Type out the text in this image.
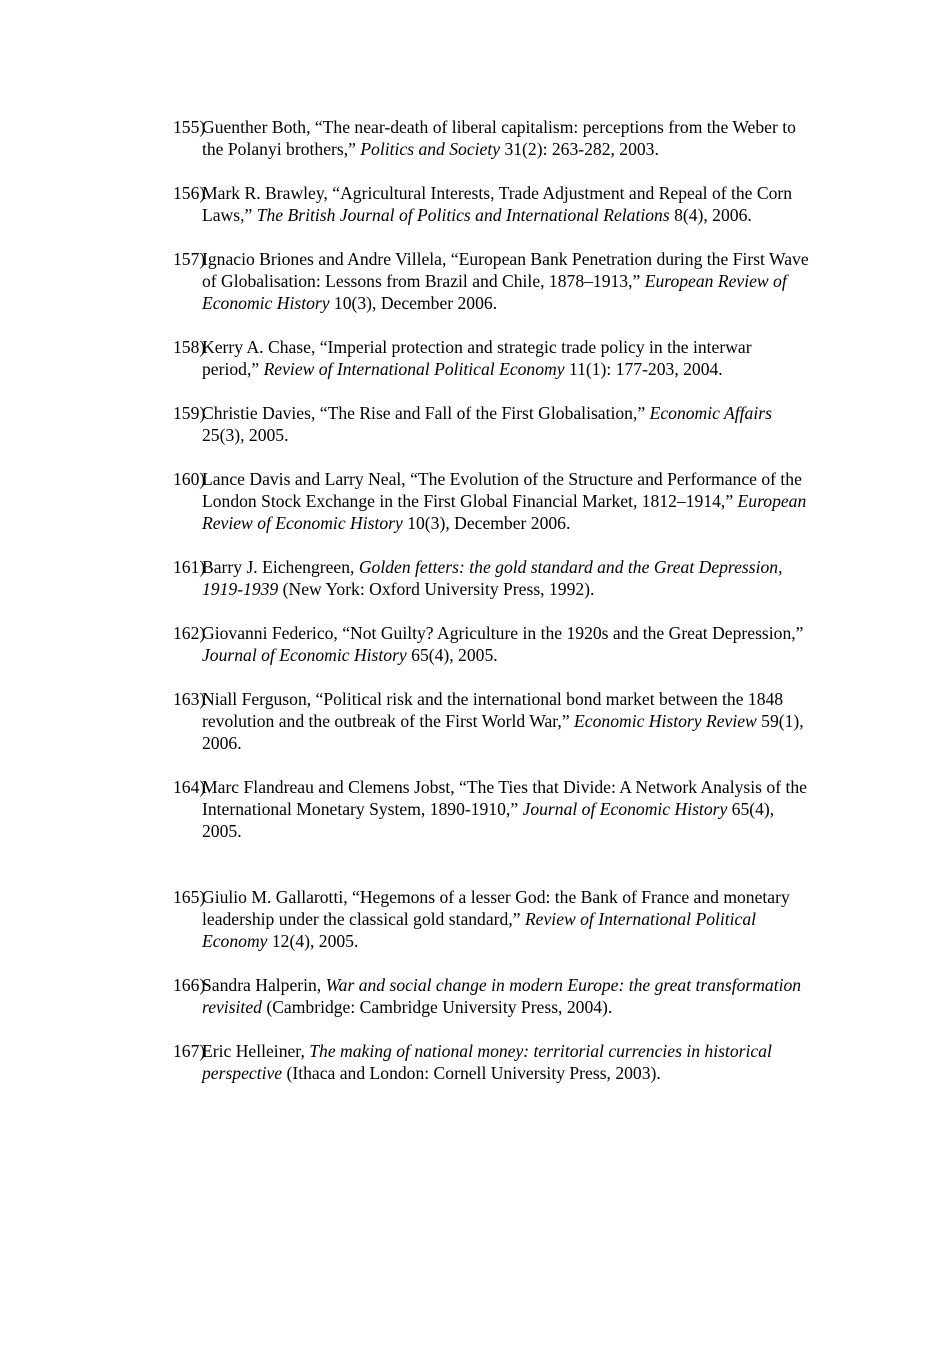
155)
Guenther Both, “The near-death of liberal capitalism: perceptions from the Weber to the Polanyi brothers,” Politics and Society 31(2): 263-282, 2003.
156)
Mark R. Brawley, “Agricultural Interests, Trade Adjustment and Repeal of the Corn Laws,” The British Journal of Politics and International Relations 8(4), 2006.
157)
Ignacio Briones and Andre Villela, “European Bank Penetration during the First Wave of Globalisation: Lessons from Brazil and Chile, 1878–1913,” European Review of Economic History 10(3), December 2006.
158)
Kerry A. Chase, “Imperial protection and strategic trade policy in the interwar period,” Review of International Political Economy 11(1): 177-203, 2004.
159)
Christie Davies, “The Rise and Fall of the First Globalisation,” Economic Affairs 25(3), 2005.
160)
Lance Davis and Larry Neal, “The Evolution of the Structure and Performance of the London Stock Exchange in the First Global Financial Market, 1812–1914,” European Review of Economic History 10(3), December 2006.
161)
Barry J. Eichengreen, Golden fetters: the gold standard and the Great Depression, 1919-1939 (New York: Oxford University Press, 1992).
162)
Giovanni Federico, “Not Guilty? Agriculture in the 1920s and the Great Depression,” Journal of Economic History 65(4), 2005.
163)
Niall Ferguson, “Political risk and the international bond market between the 1848 revolution and the outbreak of the First World War,” Economic History Review 59(1), 2006.
164)
Marc Flandreau and Clemens Jobst, “The Ties that Divide: A Network Analysis of the International Monetary System, 1890-1910,” Journal of Economic History 65(4), 2005.
165)
Giulio M. Gallarotti, “Hegemons of a lesser God: the Bank of France and monetary leadership under the classical gold standard,” Review of International Political Economy 12(4), 2005.
166)
Sandra Halperin, War and social change in modern Europe: the great transformation revisited (Cambridge: Cambridge University Press, 2004).
167)
Eric Helleiner, The making of national money: territorial currencies in historical perspective (Ithaca and London: Cornell University Press, 2003).
